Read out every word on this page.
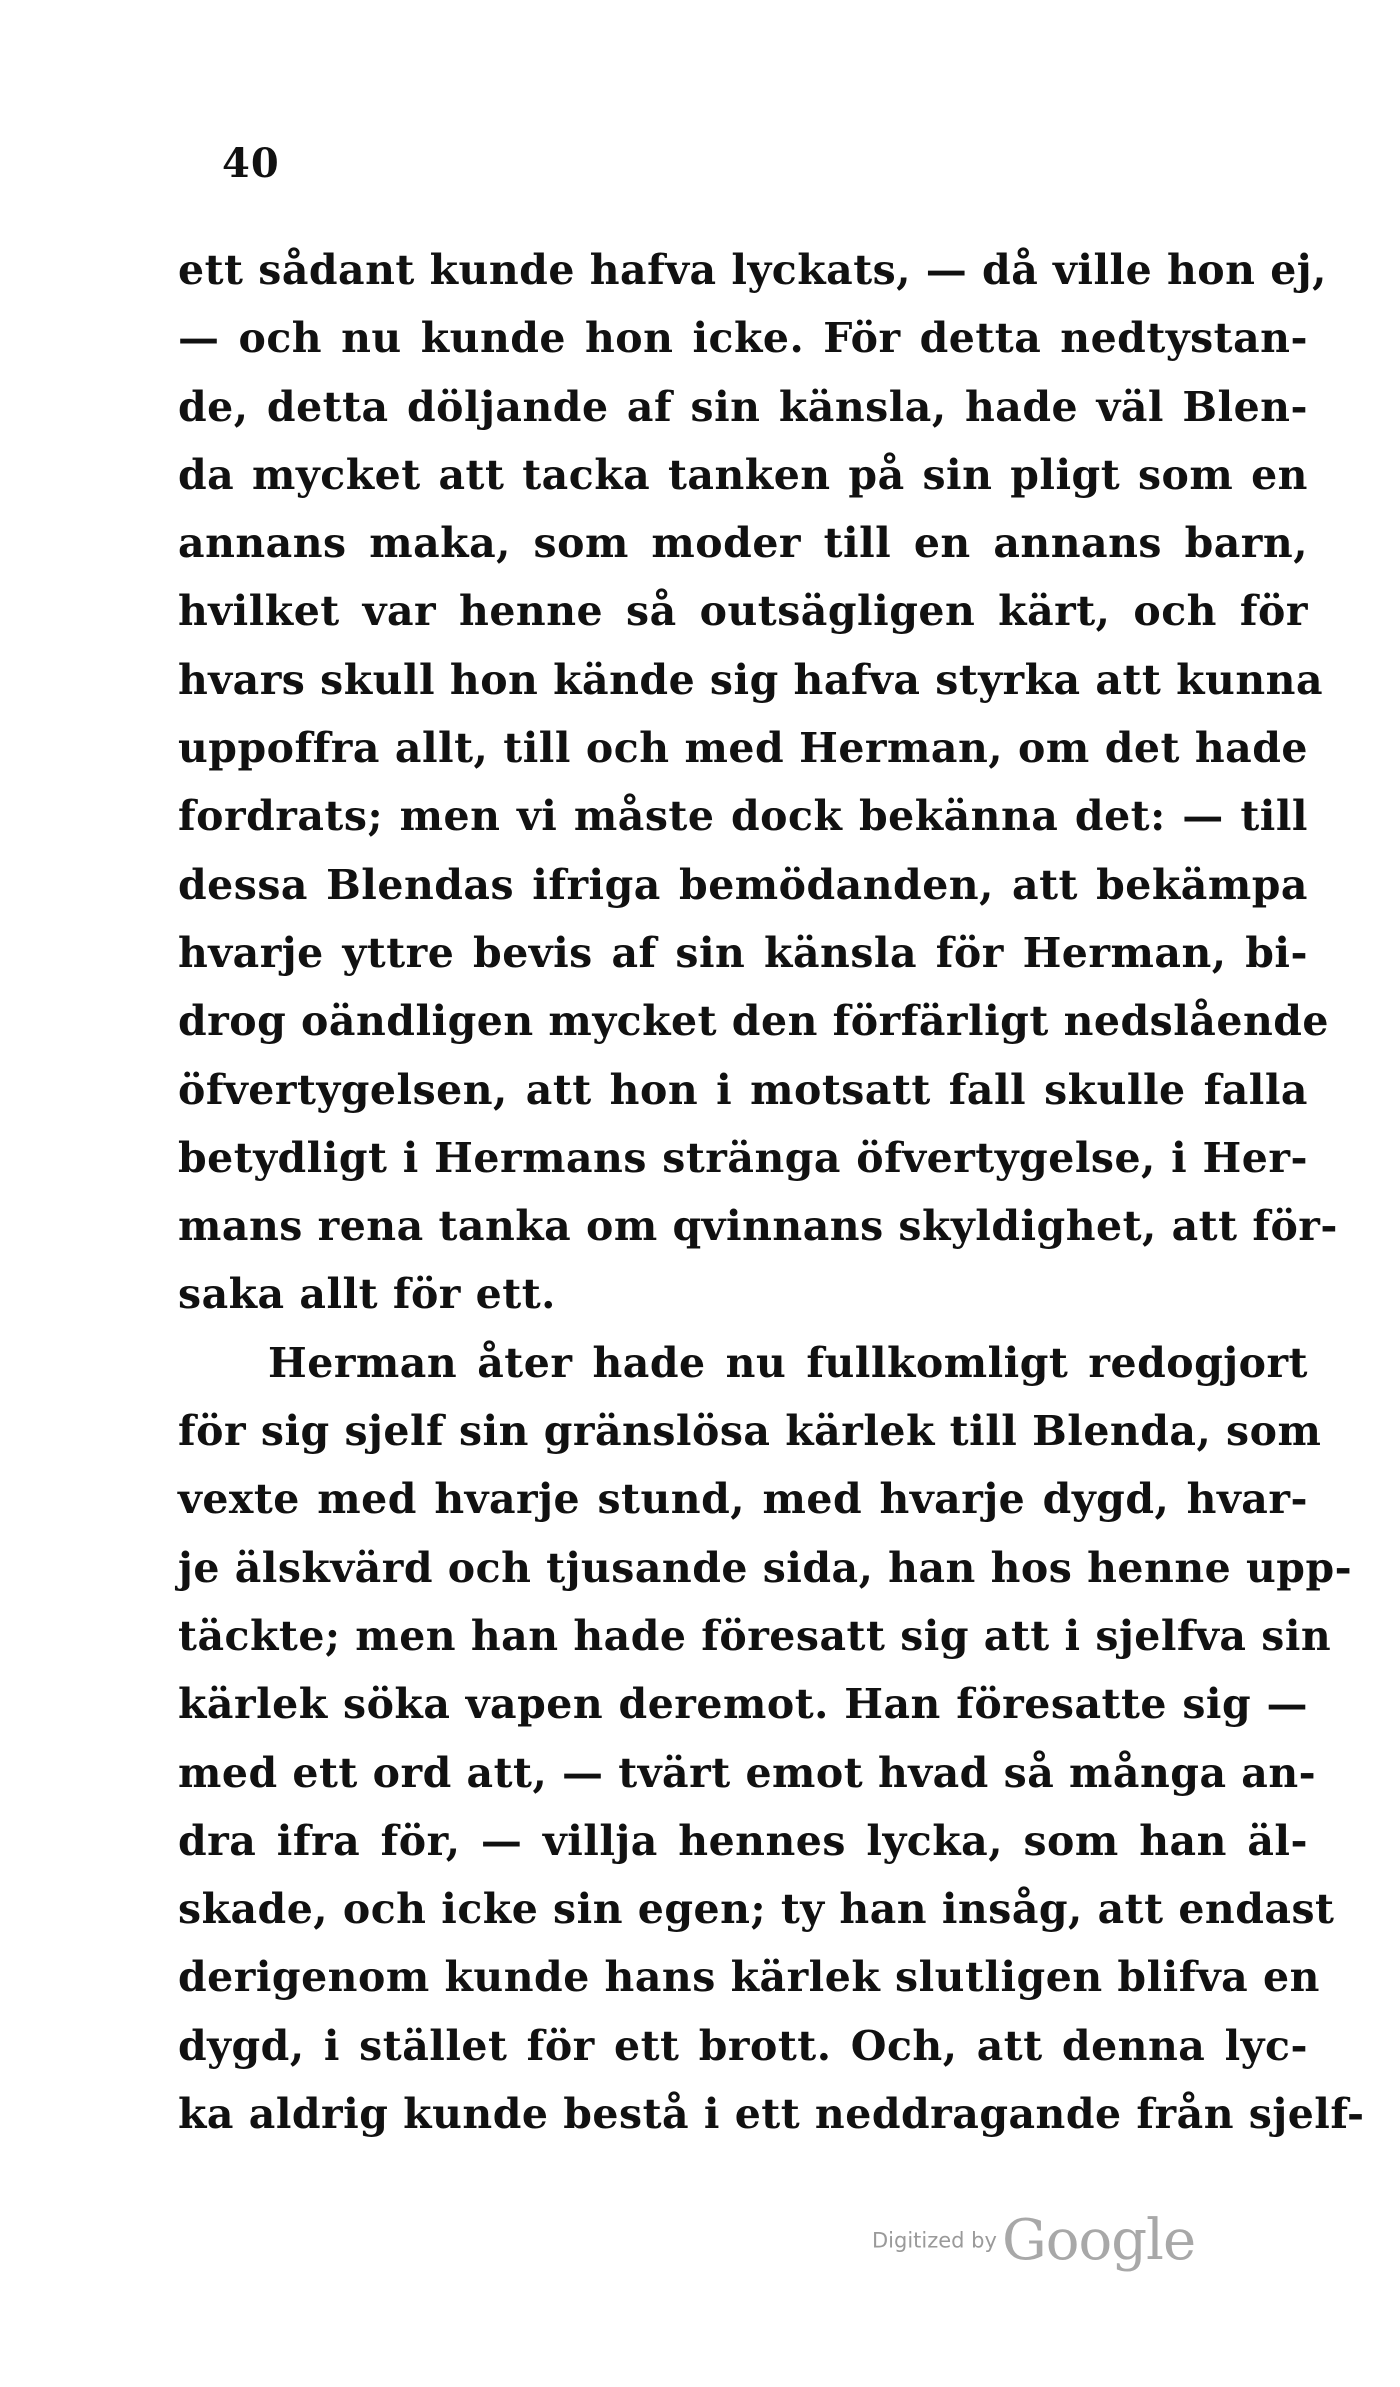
40
ett sådant kunde hafva lyckats, — då ville hon ej,
— och nu kunde hon icke. För detta nedtystan-
de, detta döljande af sin känsla, hade väl Blen-
da mycket att tacka tanken på sin pligt som en
annans maka, som moder till en annans barn,
hvilket var henne så outsägligen kärt, och för
hvars skull hon kände sig hafva styrka att kunna
uppoffra allt, till och med Herman, om det hade
fordrats; men vi måste dock bekänna det: — till
dessa Blendas ifriga bemödanden, att bekämpa
hvarje yttre bevis af sin känsla för Herman, bi-
drog oändligen mycket den förfärligt nedslående
öfvertygelsen, att hon i motsatt fall skulle falla
betydligt i Hermans stränga öfvertygelse, i Her-
mans rena tanka om qvinnans skyldighet, att för-
saka allt för ett.
Herman åter hade nu fullkomligt redogjort
för sig sjelf sin gränslösa kärlek till Blenda, som
vexte med hvarje stund, med hvarje dygd, hvar-
je älskvärd och tjusande sida, han hos henne upp-
täckte; men han hade föresatt sig att i sjelfva sin
kärlek söka vapen deremot. Han föresatte sig —
med ett ord att, — tvärt emot hvad så många an-
dra ifra för, — villja hennes lycka, som han äl-
skade, och icke sin egen; ty han insåg, att endast
derigenom kunde hans kärlek slutligen blifva en
dygd, i stället för ett brott. Och, att denna lyc-
ka aldrig kunde bestå i ett neddragande från sjelf-
Digitized by Google
